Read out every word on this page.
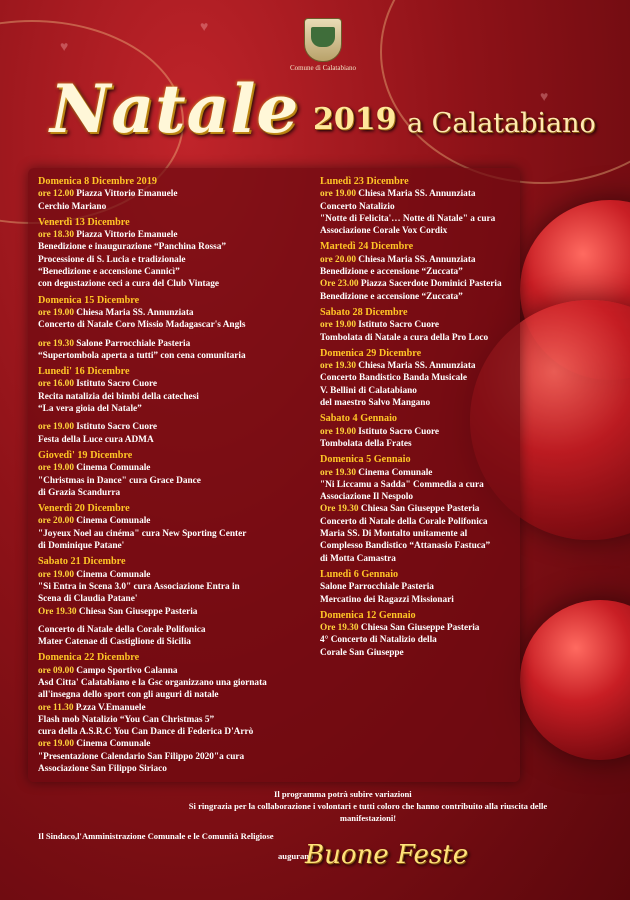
♥
♥
♥
Comune di Calatabiano
Natale 2019 a Calatabiano
Domenica 8 Dicembre 2019
ore 12.00 Piazza Vittorio Emanuele
Cerchio Mariano
Venerdì 13 Dicembre
ore 18.30 Piazza Vittorio Emanuele
Benedizione e inaugurazione “Panchina Rossa”
Processione di S. Lucia e tradizionale
“Benedizione e accensione Cannicì”
con degustazione ceci a cura del Club Vintage
Domenica 15 Dicembre
ore 19.00 Chiesa Maria SS. Annunziata
Concerto di Natale Coro Missio Madagascar's Angls
ore 19.30 Salone Parrocchiale Pasteria
“Supertombola aperta a tutti” con cena comunitaria
Lunedi' 16 Dicembre
ore 16.00 Istituto Sacro Cuore
Recita natalizia dei bimbi della catechesi
“La vera gioia del Natale”
ore 19.00 Istituto Sacro Cuore
Festa della Luce cura ADMA
Giovedì' 19 Dicembre
ore 19.00 Cinema Comunale
"Christmas in Dance" cura Grace Dance
di Grazia Scandurra
Venerdì 20 Dicembre
ore 20.00 Cinema Comunale
"Joyeux Noel au cinéma" cura New Sporting Center
di Dominique Patane'
Sabato 21 Dicembre
ore 19.00 Cinema Comunale
"Si Entra in Scena 3.0" cura Associazione Entra in
Scena di Claudia Patane'
Ore 19.30 Chiesa San Giuseppe Pasteria
Concerto di Natale della Corale Polifonica
Mater Catenae di Castiglione di Sicilia
Domenica 22 Dicembre
ore 09.00 Campo Sportivo Calanna
Asd Citta' Calatabiano e la Gsc organizzano una giornata
all'insegna dello sport con gli auguri di natale
ore 11.30 P.zza V.Emanuele
Flash mob Natalizio “You Can Christmas 5”
cura della A.S.R.C You Can Dance di Federica D'Arrò
ore 19.00 Cinema Comunale
"Presentazione Calendario San Filippo 2020"a cura
Associazione San Filippo Siriaco
Lunedì 23 Dicembre
ore 19.00 Chiesa Maria SS. Annunziata
Concerto Natalizio
"Notte di Felicita'… Notte di Natale" a cura
Associazione Corale Vox Cordix
Martedì 24 Dicembre
ore 20.00 Chiesa Maria SS. Annunziata
Benedizione e accensione “Zuccata”
Ore 23.00 Piazza Sacerdote Dominici Pasteria
Benedizione e accensione “Zuccata”
Sabato 28 Dicembre
ore 19.00 Istituto Sacro Cuore
Tombolata di Natale a cura della Pro Loco
Domenica 29 Dicembre
ore 19.30 Chiesa Maria SS. Annunziata
Concerto Bandistico Banda Musicale
V. Bellini di Calatabiano
del maestro Salvo Mangano
Sabato 4 Gennaio
ore 19.00 Istituto Sacro Cuore
Tombolata della Frates
Domenica 5 Gennaio
ore 19.30 Cinema Comunale
"Ni Liccamu a Sadda" Commedia a cura
Associazione Il Nespolo
Ore 19.30 Chiesa San Giuseppe Pasteria
Concerto di Natale della Corale Polifonica
Maria SS. Di Montalto unitamente al
Complesso Bandistico “Attanasio Fastuca”
di Motta Camastra
Lunedì 6 Gennaio
Salone Parrocchiale Pasteria
Mercatino dei Ragazzi Missionari
Domenica 12 Gennaio
Ore 19.30 Chiesa San Giuseppe Pasteria
4° Concerto di Natalizio della
Corale San Giuseppe
Il programma potrà subire variazioni
Si ringrazia per la collaborazione i volontari e tutti coloro che hanno contribuito alla riuscita delle manifestazioni!
Il Sindaco,l'Amministrazione Comunale e le Comunità Religiose
augurano
Buone Feste
